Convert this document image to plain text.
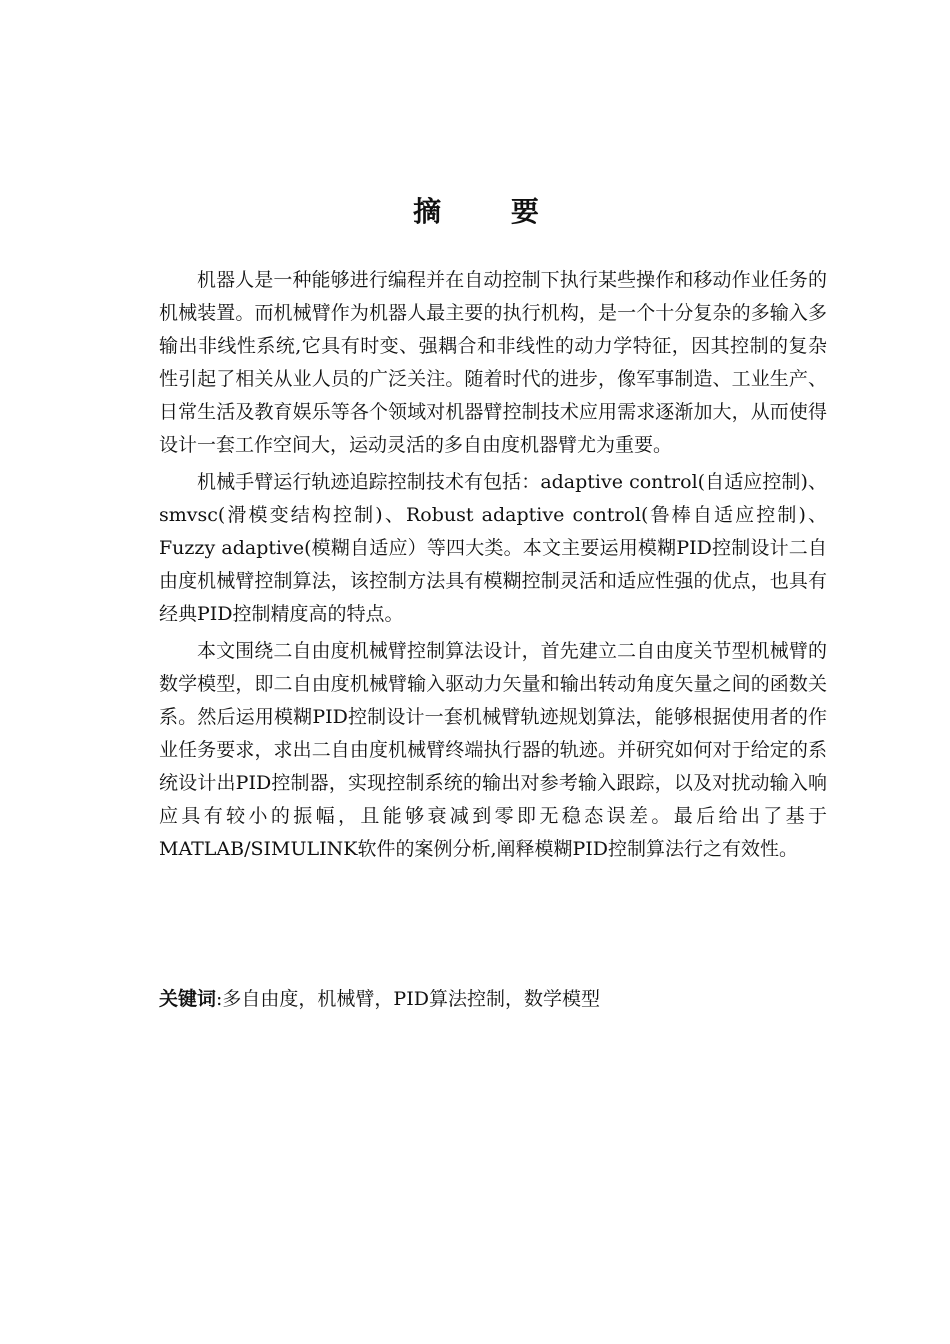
摘 要

机器人是一种能够进行编程并在自动控制下执行某些操作和移动作业任务的机械装置。而机械臂作为机器人最主要的执行机构，是一个十分复杂的多输入多输出非线性系统,它具有时变、强耦合和非线性的动力学特征，因其控制的复杂性引起了相关从业人员的广泛关注。随着时代的进步，像军事制造、工业生产、日常生活及教育娱乐等各个领域对机器臂控制技术应用需求逐渐加大，从而使得设计一套工作空间大，运动灵活的多自由度机器臂尤为重要。

机械手臂运行轨迹追踪控制技术有包括：adaptive control(自适应控制)、smvsc(滑模变结构控制)、Robust adaptive control(鲁棒自适应控制)、Fuzzy adaptive(模糊自适应）等四大类。本文主要运用模糊PID控制设计二自由度机械臂控制算法，该控制方法具有模糊控制灵活和适应性强的优点，也具有经典PID控制精度高的特点。

本文围绕二自由度机械臂控制算法设计，首先建立二自由度关节型机械臂的数学模型，即二自由度机械臂输入驱动力矢量和输出转动角度矢量之间的函数关系。然后运用模糊PID控制设计一套机械臂轨迹规划算法，能够根据使用者的作业任务要求，求出二自由度机械臂终端执行器的轨迹。并研究如何对于给定的系统设计出PID控制器，实现控制系统的输出对参考输入跟踪，以及对扰动输入响应具有较小的振幅，且能够衰减到零即无稳态误差。最后给出了基于MATLAB/SIMULINK软件的案例分析,阐释模糊PID控制算法行之有效性。

关键词:多自由度，机械臂，PID算法控制，数学模型
